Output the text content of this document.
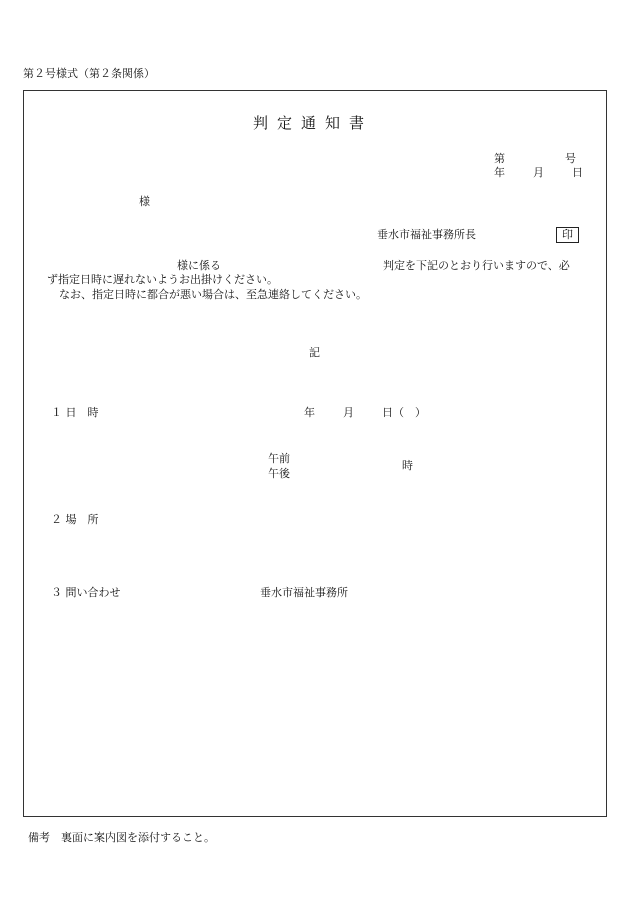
第２号様式（第２条関係）
判定通知書
第	号
年	月	日
様
垂水市福祉事務所長	印
様に係る	判定を下記のとおり行いますので、必
ず指定日時に遅れないようお出掛けください。
なお、指定日時に都合が悪い場合は、至急連絡してください。
記
１ 日　時	年	月	日（　）
午前
午後
時
２ 場　所
３ 問い合わせ	垂水市福祉事務所
備考　裏面に案内図を添付すること。
